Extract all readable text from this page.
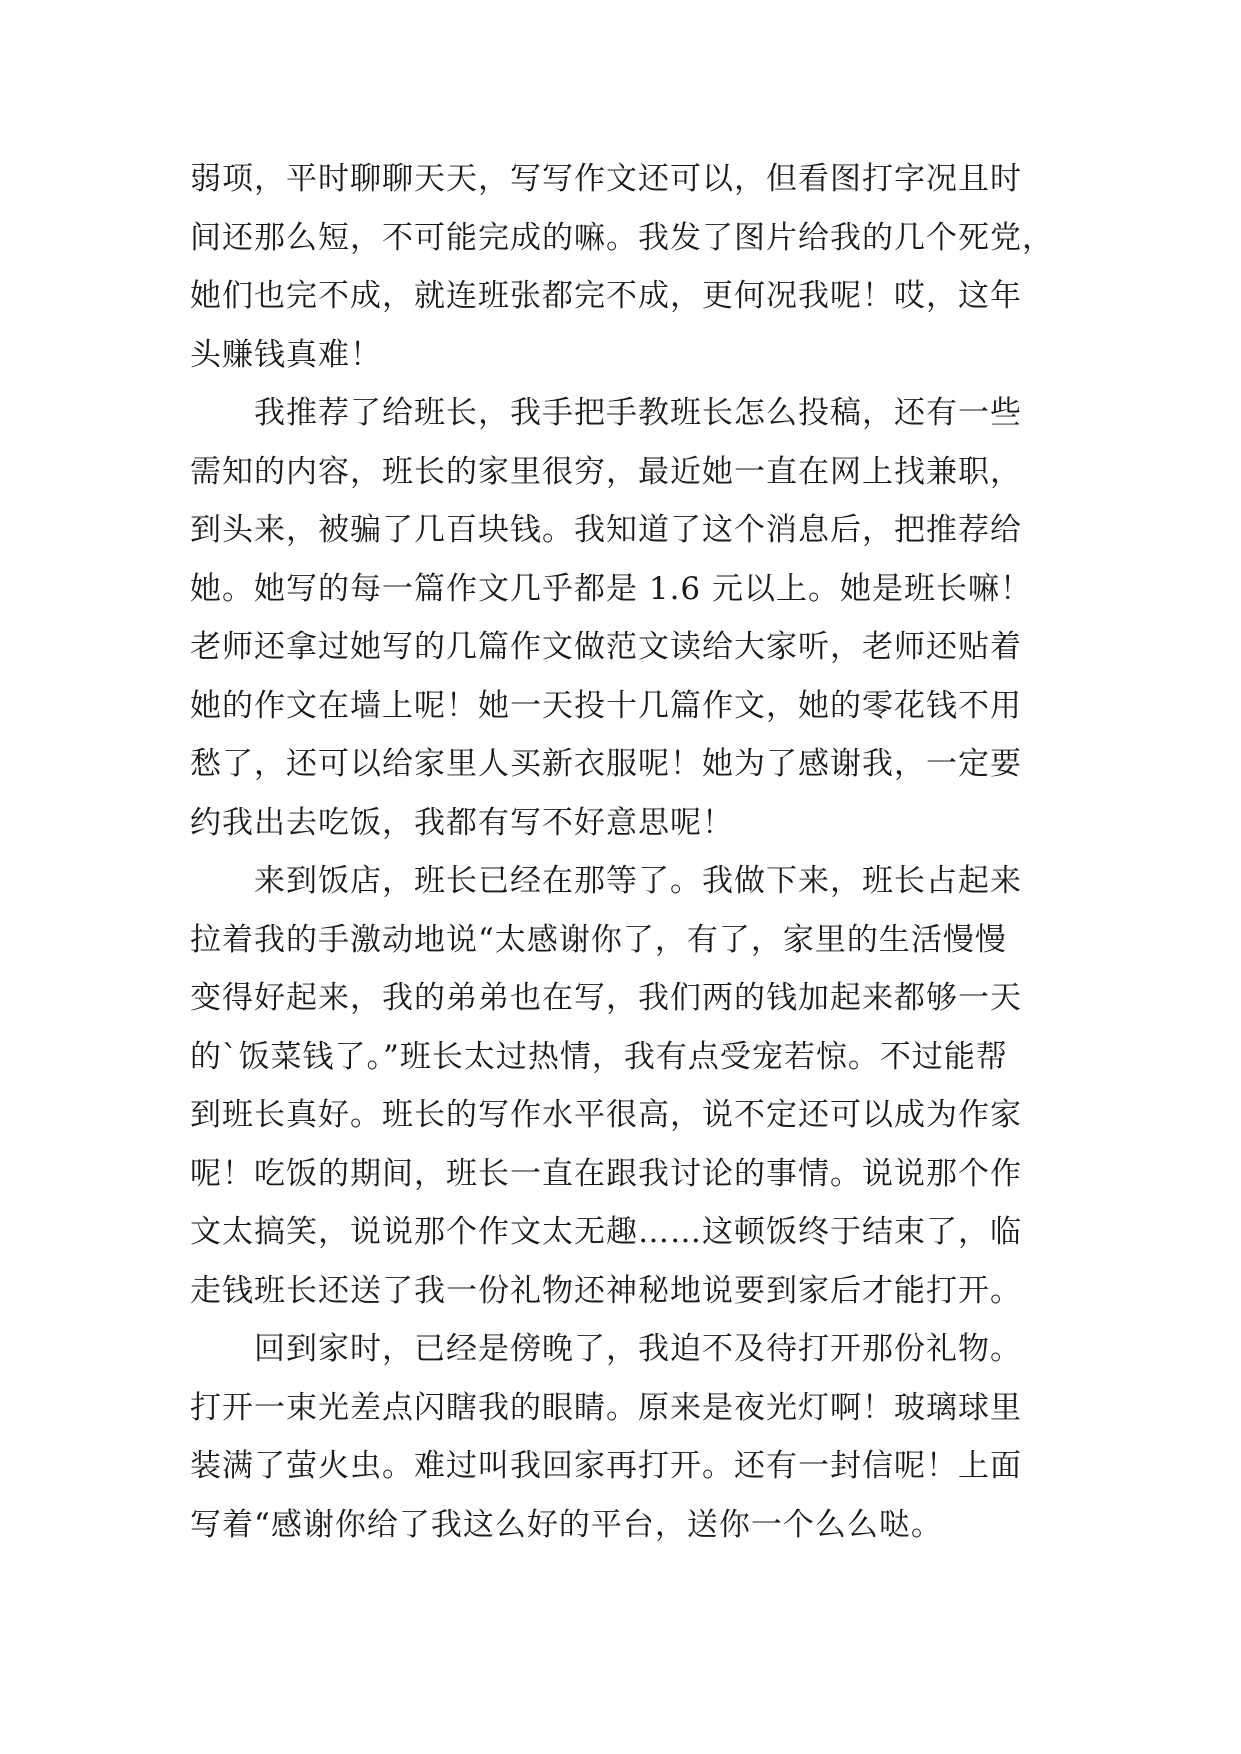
弱项，平时聊聊天天，写写作文还可以，但看图打字况且时
间还那么短，不可能完成的嘛。我发了图片给我的几个死党，
她们也完不成，就连班张都完不成，更何况我呢！哎，这年
头赚钱真难！
我推荐了给班长，我手把手教班长怎么投稿，还有一些
需知的内容，班长的家里很穷，最近她一直在网上找兼职，
到头来，被骗了几百块钱。我知道了这个消息后，把推荐给
她。她写的每一篇作文几乎都是 1.6 元以上。她是班长嘛！
老师还拿过她写的几篇作文做范文读给大家听，老师还贴着
她的作文在墙上呢！她一天投十几篇作文，她的零花钱不用
愁了，还可以给家里人买新衣服呢！她为了感谢我，一定要
约我出去吃饭，我都有写不好意思呢！
来到饭店，班长已经在那等了。我做下来，班长占起来
拉着我的手激动地说“太感谢你了，有了，家里的生活慢慢
变得好起来，我的弟弟也在写，我们两的钱加起来都够一天
的`饭菜钱了。”班长太过热情，我有点受宠若惊。不过能帮
到班长真好。班长的写作水平很高，说不定还可以成为作家
呢！吃饭的期间，班长一直在跟我讨论的事情。说说那个作
文太搞笑，说说那个作文太无趣……这顿饭终于结束了，临
走钱班长还送了我一份礼物还神秘地说要到家后才能打开。
回到家时，已经是傍晚了，我迫不及待打开那份礼物。
打开一束光差点闪瞎我的眼睛。原来是夜光灯啊！玻璃球里
装满了萤火虫。难过叫我回家再打开。还有一封信呢！上面
写着“感谢你给了我这么好的平台，送你一个么么哒。
